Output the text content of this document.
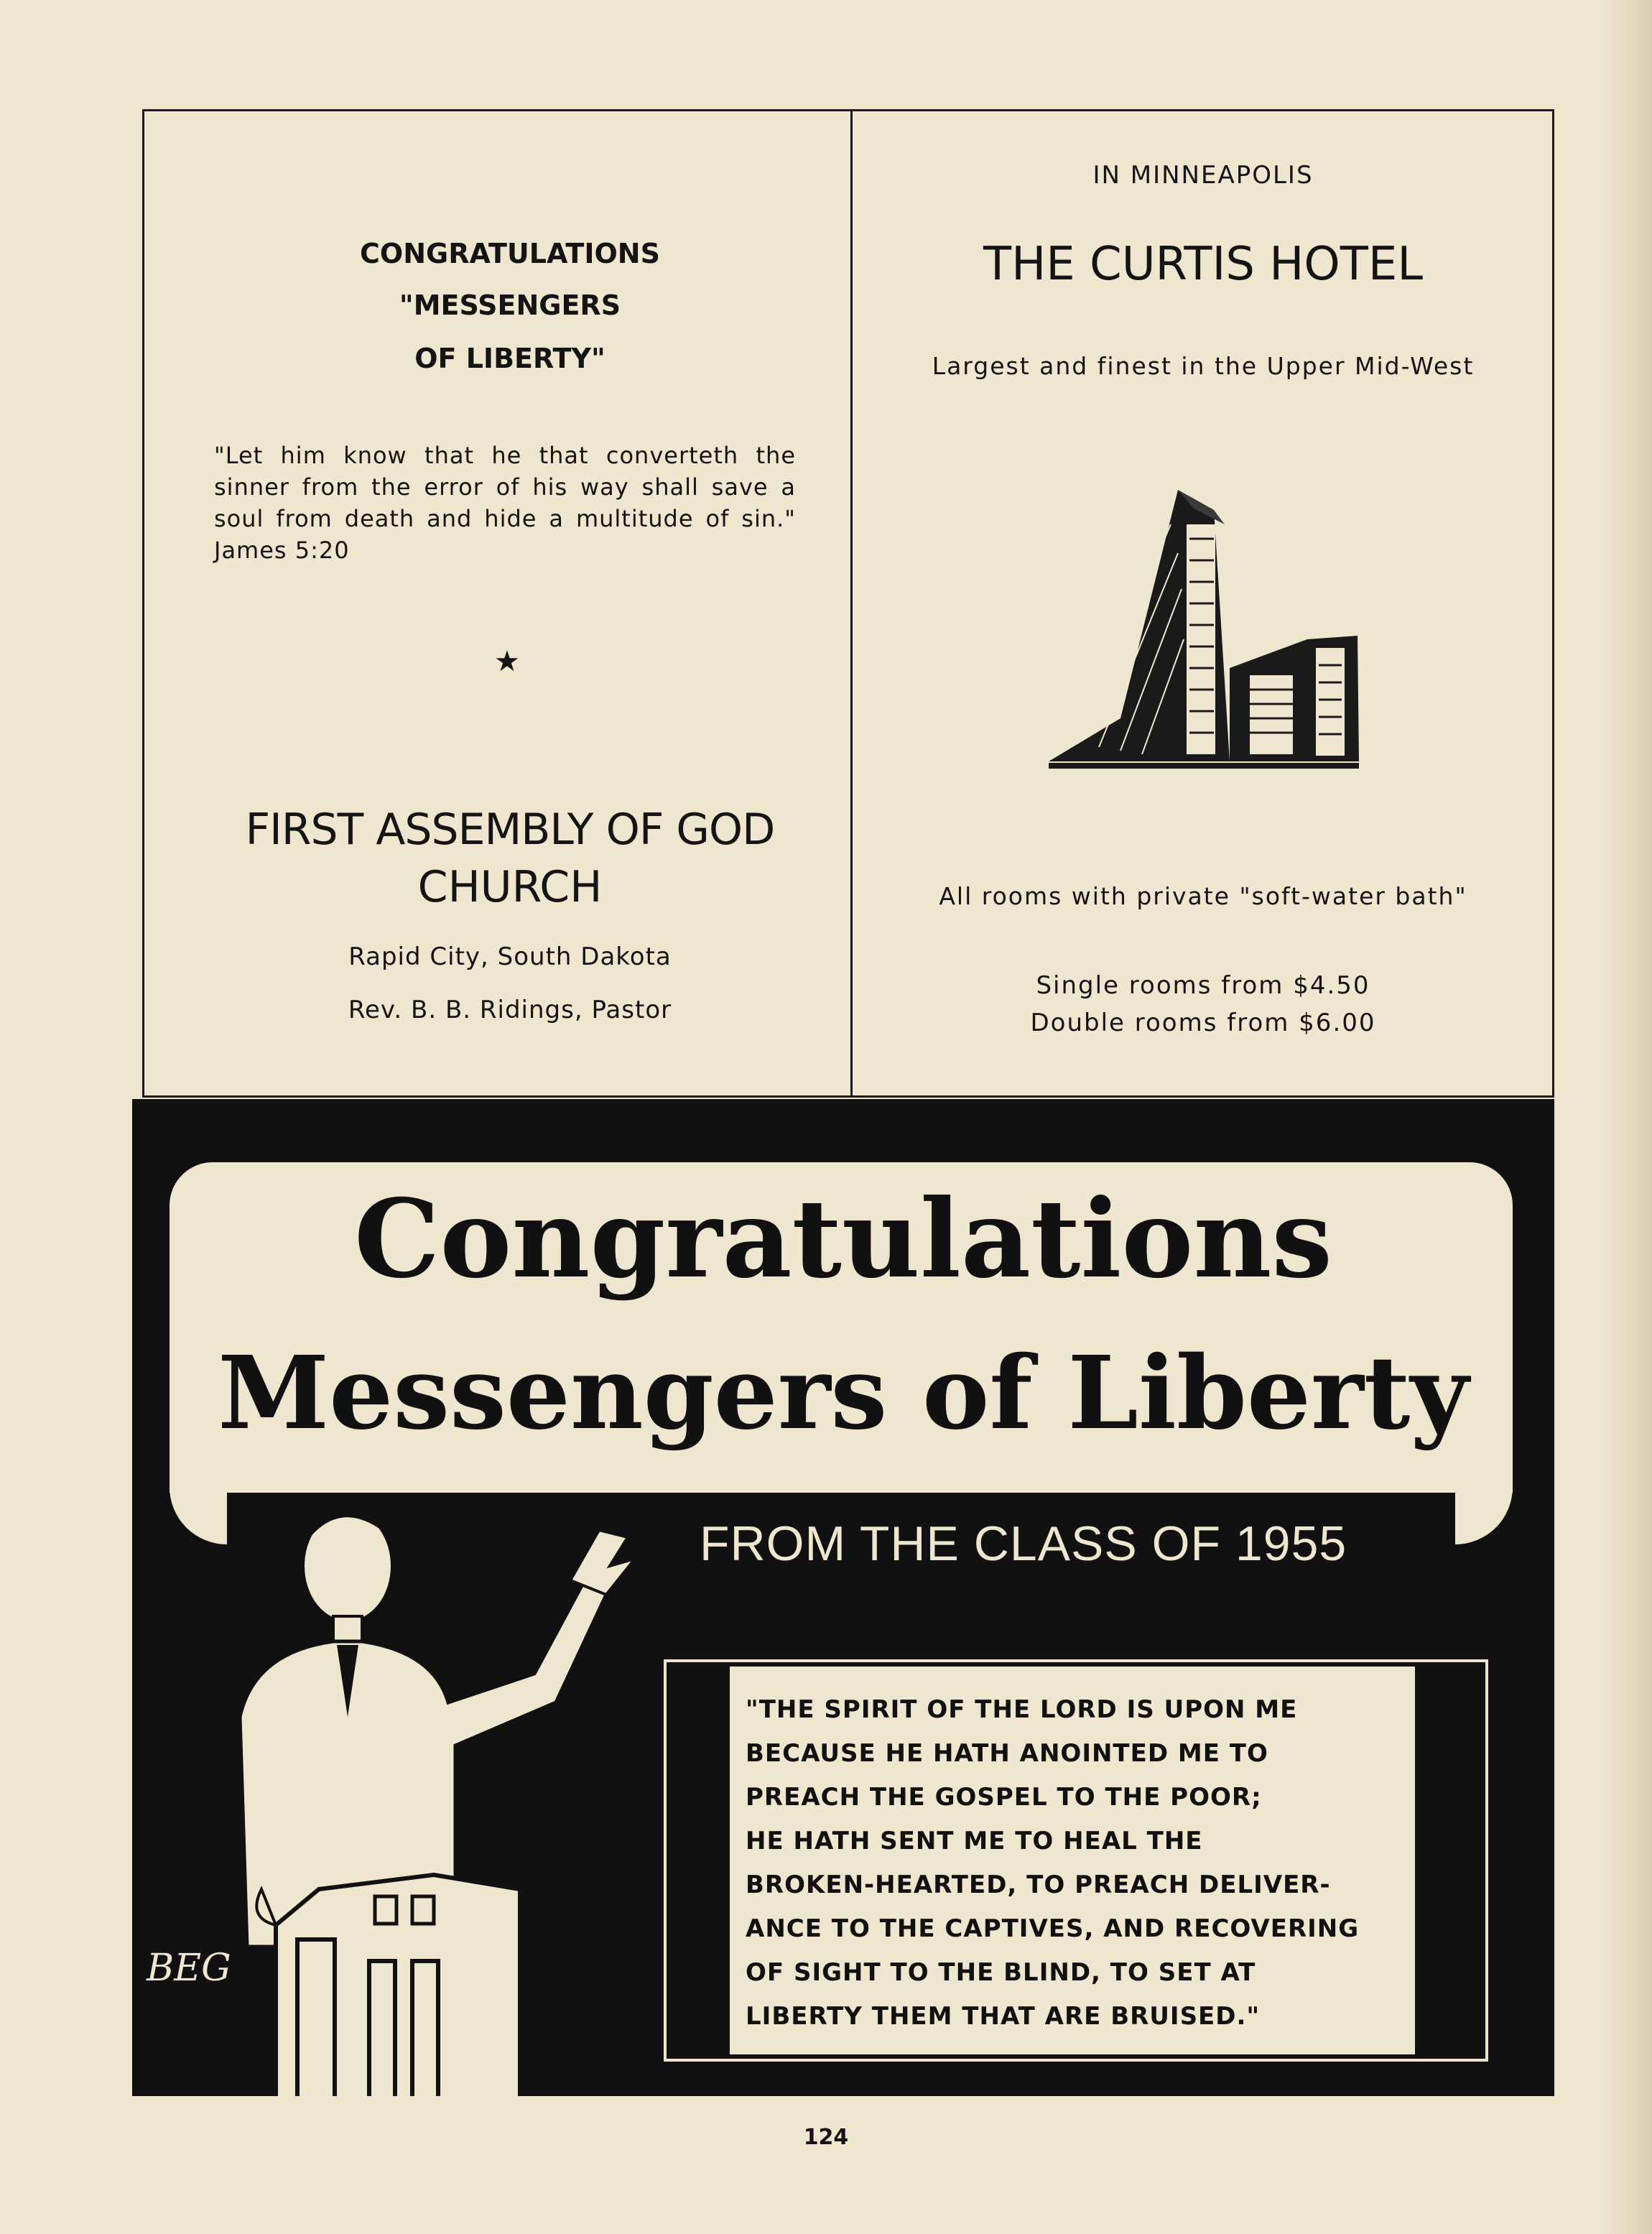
CONGRATULATIONS

"MESSENGERS

OF LIBERTY"

"Let him know that he that converteth the sinner from the error of his way shall save a soul from death and hide a multitude of sin." James 5:20

★

FIRST ASSEMBLY OF GOD

CHURCH

Rapid City, South Dakota

Rev. B. B. Ridings, Pastor

IN MINNEAPOLIS

THE CURTIS HOTEL

Largest and finest in the Upper Mid-West

All rooms with private "soft-water bath"

Single rooms from $4.50

Double rooms from $6.00

Congratulations

Messengers of Liberty

FROM THE CLASS OF 1955

"THE SPIRIT OF THE LORD IS UPON ME
BECAUSE HE HATH ANOINTED ME TO
PREACH THE GOSPEL TO THE POOR;
HE HATH SENT ME TO HEAL THE
BROKEN-HEARTED, TO PREACH DELIVER-
ANCE TO THE CAPTIVES, AND RECOVERING
OF SIGHT TO THE BLIND, TO SET AT
LIBERTY THEM THAT ARE BRUISED."

BEG
124
